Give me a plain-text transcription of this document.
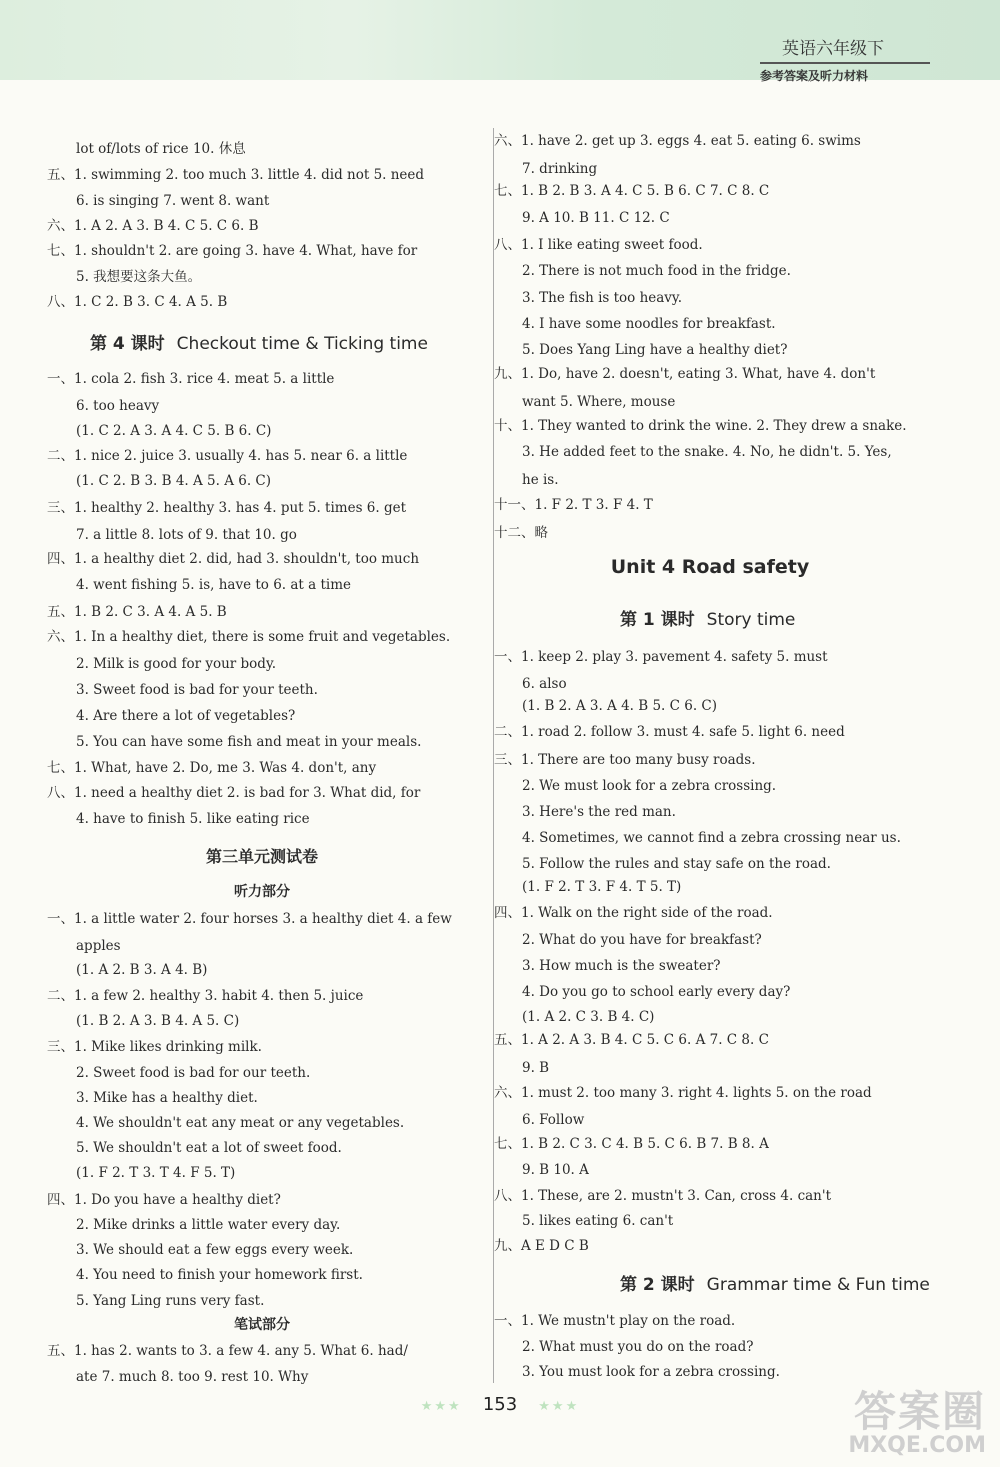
英语六年级下
参考答案及听力材料
lot of/lots of rice 10. 休息
五、1. swimming 2. too much 3. little 4. did not 5. need
6. is singing 7. went 8. want
六、1. A 2. A 3. B 4. C 5. C 6. B
七、1. shouldn't 2. are going 3. have 4. What, have for
5. 我想要这条大鱼。
八、1. C 2. B 3. C 4. A 5. B
第 4 课时 Checkout time & Ticking time
一、1. cola 2. fish 3. rice 4. meat 5. a little
6. too heavy
(1. C 2. A 3. A 4. C 5. B 6. C)
二、1. nice 2. juice 3. usually 4. has 5. near 6. a little
(1. C 2. B 3. B 4. A 5. A 6. C)
三、1. healthy 2. healthy 3. has 4. put 5. times 6. get
7. a little 8. lots of 9. that 10. go
四、1. a healthy diet 2. did, had 3. shouldn't, too much
4. went fishing 5. is, have to 6. at a time
五、1. B 2. C 3. A 4. A 5. B
六、1. In a healthy diet, there is some fruit and vegetables.
2. Milk is good for your body.
3. Sweet food is bad for your teeth.
4. Are there a lot of vegetables?
5. You can have some fish and meat in your meals.
七、1. What, have 2. Do, me 3. Was 4. don't, any
八、1. need a healthy diet 2. is bad for 3. What did, for
4. have to finish 5. like eating rice
第三单元测试卷
听力部分
一、1. a little water 2. four horses 3. a healthy diet 4. a few
apples
(1. A 2. B 3. A 4. B)
二、1. a few 2. healthy 3. habit 4. then 5. juice
(1. B 2. A 3. B 4. A 5. C)
三、1. Mike likes drinking milk.
2. Sweet food is bad for our teeth.
3. Mike has a healthy diet.
4. We shouldn't eat any meat or any vegetables.
5. We shouldn't eat a lot of sweet food.
(1. F 2. T 3. T 4. F 5. T)
四、1. Do you have a healthy diet?
2. Mike drinks a little water every day.
3. We should eat a few eggs every week.
4. You need to finish your homework first.
5. Yang Ling runs very fast.
笔试部分
五、1. has 2. wants to 3. a few 4. any 5. What 6. had/
ate 7. much 8. too 9. rest 10. Why
六、1. have 2. get up 3. eggs 4. eat 5. eating 6. swims
7. drinking
七、1. B 2. B 3. A 4. C 5. B 6. C 7. C 8. C
9. A 10. B 11. C 12. C
八、1. I like eating sweet food.
2. There is not much food in the fridge.
3. The fish is too heavy.
4. I have some noodles for breakfast.
5. Does Yang Ling have a healthy diet?
九、1. Do, have 2. doesn't, eating 3. What, have 4. don't
want 5. Where, mouse
十、1. They wanted to drink the wine. 2. They drew a snake.
3. He added feet to the snake. 4. No, he didn't. 5. Yes,
he is.
十一、1. F 2. T 3. F 4. T
十二、略
Unit 4 Road safety
第 1 课时 Story time
一、1. keep 2. play 3. pavement 4. safety 5. must
6. also
(1. B 2. A 3. A 4. B 5. C 6. C)
二、1. road 2. follow 3. must 4. safe 5. light 6. need
三、1. There are too many busy roads.
2. We must look for a zebra crossing.
3. Here's the red man.
4. Sometimes, we cannot find a zebra crossing near us.
5. Follow the rules and stay safe on the road.
(1. F 2. T 3. F 4. T 5. T)
四、1. Walk on the right side of the road.
2. What do you have for breakfast?
3. How much is the sweater?
4. Do you go to school early every day?
(1. A 2. C 3. B 4. C)
五、1. A 2. A 3. B 4. C 5. C 6. A 7. C 8. C
9. B
六、1. must 2. too many 3. right 4. lights 5. on the road
6. Follow
七、1. B 2. C 3. C 4. B 5. C 6. B 7. B 8. A
9. B 10. A
八、1. These, are 2. mustn't 3. Can, cross 4. can't
5. likes eating 6. can't
九、A E D C B
第 2 课时 Grammar time & Fun time
一、1. We mustn't play on the road.
2. What must you do on the road?
3. You must look for a zebra crossing.
★★★ 153 ★★★	答案圈
MXQE.COM
